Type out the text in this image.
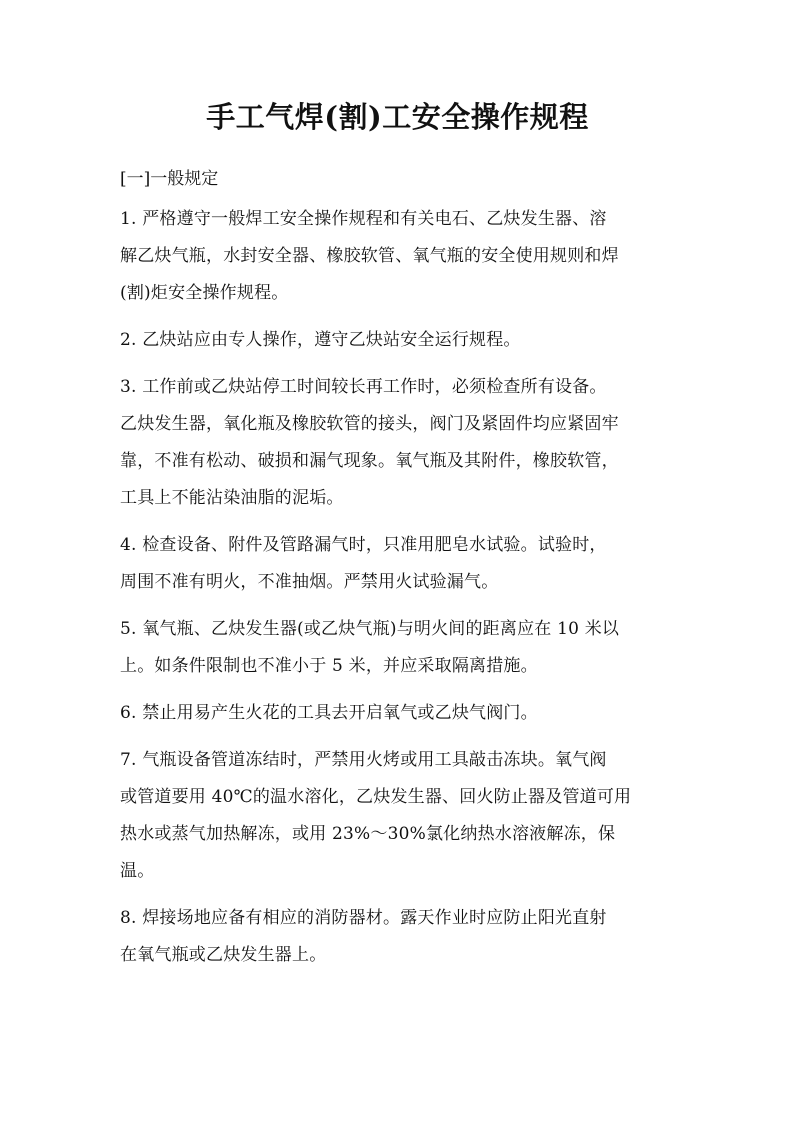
手工气焊(割)工安全操作规程
[一]一般规定

1. 严格遵守一般焊工安全操作规程和有关电石、乙炔发生器、溶
解乙炔气瓶，水封安全器、橡胶软管、氧气瓶的安全使用规则和焊
(割)炬安全操作规程。

2. 乙炔站应由专人操作，遵守乙炔站安全运行规程。

3. 工作前或乙炔站停工时间较长再工作时，必须检查所有设备。
乙炔发生器，氧化瓶及橡胶软管的接头，阀门及紧固件均应紧固牢
靠，不准有松动、破损和漏气现象。氧气瓶及其附件，橡胶软管，
工具上不能沾染油脂的泥垢。

4. 检查设备、附件及管路漏气时，只准用肥皂水试验。试验时，
周围不准有明火，不准抽烟。严禁用火试验漏气。

5. 氧气瓶、乙炔发生器(或乙炔气瓶)与明火间的距离应在 10 米以
上。如条件限制也不准小于 5 米，并应采取隔离措施。

6. 禁止用易产生火花的工具去开启氧气或乙炔气阀门。

7. 气瓶设备管道冻结时，严禁用火烤或用工具敲击冻块。氧气阀
或管道要用 40℃的温水溶化，乙炔发生器、回火防止器及管道可用
热水或蒸气加热解冻，或用 23%～30%氯化纳热水溶液解冻，保
温。

8. 焊接场地应备有相应的消防器材。露天作业时应防止阳光直射
在氧气瓶或乙炔发生器上。
